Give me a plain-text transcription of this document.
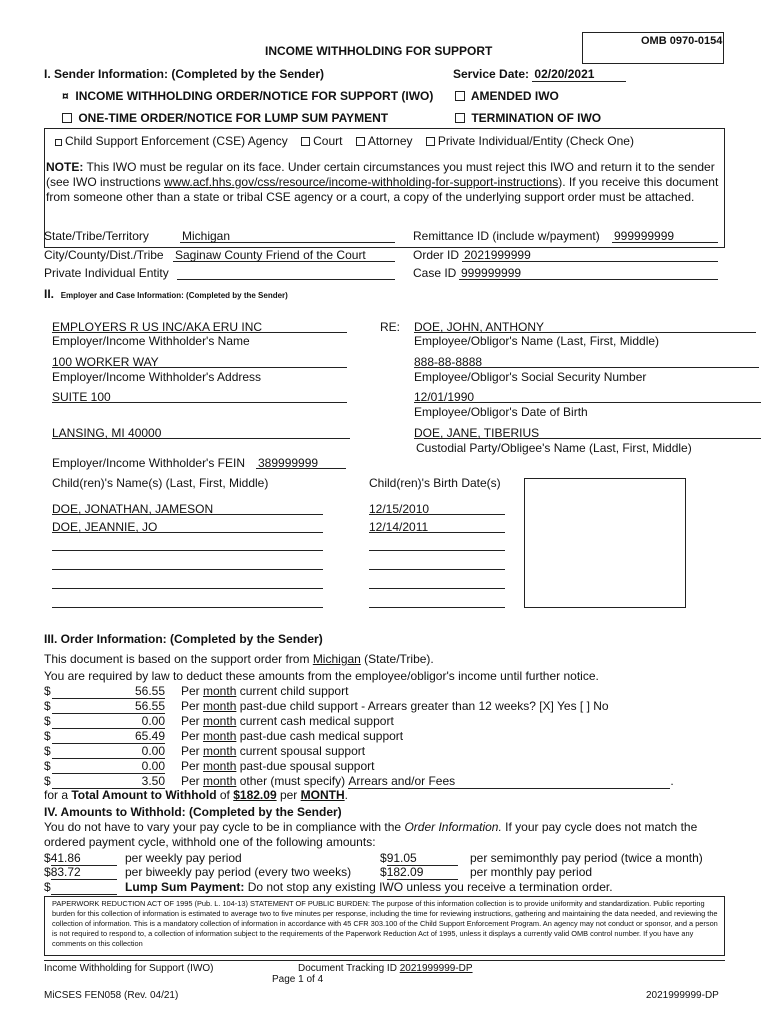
INCOME WITHHOLDING FOR SUPPORT
OMB 0970-0154
I. Sender Information: (Completed by the Sender)	Service Date: 02/20/2021
¤ INCOME WITHHOLDING ORDER/NOTICE FOR SUPPORT (IWO)	AMENDED IWO
ONE-TIME ORDER/NOTICE FOR LUMP SUM PAYMENT	TERMINATION OF IWO
Child Support Enforcement (CSE) Agency Court Attorney Private Individual/Entity (Check One)
NOTE: This IWO must be regular on its face. Under certain circumstances you must reject this IWO and return it to the sender (see IWO instructions www.acf.hhs.gov/css/resource/income-withholding-for-support-instructions). If you receive this document from someone other than a state or tribal CSE agency or a court, a copy of the underlying support order must be attached.
State/Tribe/Territory	Michigan
City/County/Dist./Tribe Saginaw County Friend of the Court
Private Individual Entity
Remittance ID (include w/payment) 999999999
Order ID 2021999999
Case ID 999999999
II. Employer and Case Information: (Completed by the Sender)
EMPLOYERS R US INC/AKA ERU INC
Employer/Income Withholder's Name
RE: DOE, JOHN, ANTHONY
Employee/Obligor's Name (Last, First, Middle)
100 WORKER WAY
Employer/Income Withholder's Address
888-88-8888
Employee/Obligor's Social Security Number
SUITE 100	12/01/1990
Employee/Obligor's Date of Birth
LANSING, MI 40000	DOE, JANE, TIBERIUS
Custodial Party/Obligee's Name (Last, First, Middle)
Employer/Income Withholder's FEIN 389999999
Child(ren)'s Name(s) (Last, First, Middle)	Child(ren)'s Birth Date(s)
DOE, JONATHAN, JAMESON	12/15/2010
DOE, JEANNIE, JO	12/14/2011
III. Order Information: (Completed by the Sender)
This document is based on the support order from Michigan (State/Tribe).
You are required by law to deduct these amounts from the employee/obligor's income until further notice.
$	56.55 Per month current child support
$	56.55 Per month past-due child support - Arrears greater than 12 weeks? [X] Yes [ ] No
$	0.00 Per month current cash medical support
$	65.49 Per month past-due cash medical support
$	0.00 Per month current spousal support
$	0.00 Per month past-due spousal support
$	3.50 Per month other (must specify) Arrears and/or Fees	.
for a Total Amount to Withhold of $182.09 per MONTH.
IV. Amounts to Withhold: (Completed by the Sender)
You do not have to vary your pay cycle to be in compliance with the Order Information. If your pay cycle does not match the ordered payment cycle, withhold one of the following amounts:
$41.86	per weekly pay period	$91.05	per semimonthly pay period (twice a month)
$83.72	per biweekly pay period (every two weeks) $182.09	per monthly pay period
$	Lump Sum Payment: Do not stop any existing IWO unless you receive a termination order.
PAPERWORK REDUCTION ACT OF 1995 (Pub. L. 104-13) STATEMENT OF PUBLIC BURDEN: The purpose of this information collection is to provide uniformity and standardization. Public reporting burden for this collection of information is estimated to average two to five minutes per response, including the time for reviewing instructions, gathering and maintaining the data needed, and reviewing the collection of information. This is a mandatory collection of information in accordance with 45 CFR 303.100 of the Child Support Enforcement Program. An agency may not conduct or sponsor, and a person is not required to respond to, a collection of information subject to the requirements of the Paperwork Reduction Act of 1995, unless it displays a currently valid OMB control number. If you have any comments on this collection
Income Withholding for Support (IWO)	Document Tracking ID 2021999999-DP
Page 1 of 4
MiCSES FEN058 (Rev. 04/21)	2021999999-DP
